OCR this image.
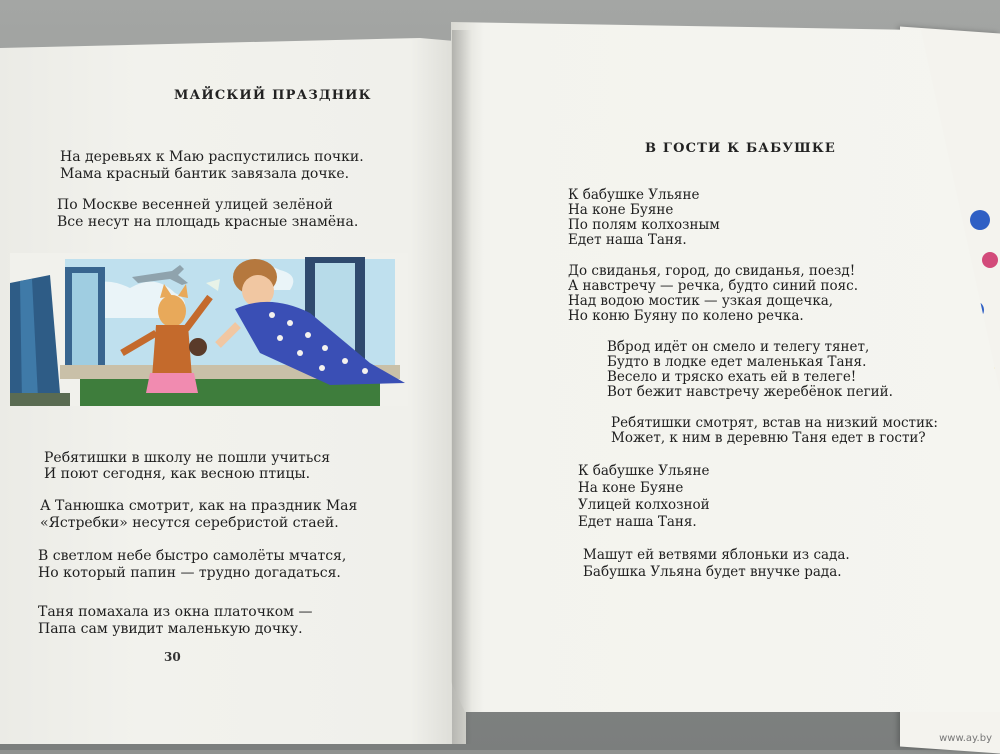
МАЙСКИЙ ПРАЗДНИК
На деревьях к Маю распустились почки.
Мама красный бантик завязала дочке.
По Москве весенней улицей зелёной
Все несут на площадь красные знамёна.
Ребятишки в школу не пошли учиться
И поют сегодня, как весною птицы.
А Танюшка смотрит, как на праздник Мая
«Ястребки» несутся серебристой стаей.
В светлом небе быстро самолёты мчатся,
Но который папин — трудно догадаться.
Таня помахала из окна платочком —
Папа сам увидит маленькую дочку.
30
В ГОСТИ К БАБУШКЕ
К бабушке Ульяне
На коне Буяне
По полям колхозным
Едет наша Таня.
До свиданья, город, до свиданья, поезд!
А навстречу — речка, будто синий пояс.
Над водою мостик — узкая дощечка,
Но коню Буяну по колено речка.
Вброд идёт он смело и телегу тянет,
Будто в лодке едет маленькая Таня.
Весело и тряско ехать ей в телеге!
Вот бежит навстречу жеребёнок пегий.
Ребятишки смотрят, встав на низкий мостик:
Может, к ним в деревню Таня едет в гости?
К бабушке Ульяне
На коне Буяне
Улицей колхозной
Едет наша Таня.
Машут ей ветвями яблоньки из сада.
Бабушка Ульяна будет внучке рада.
www.ay.by
